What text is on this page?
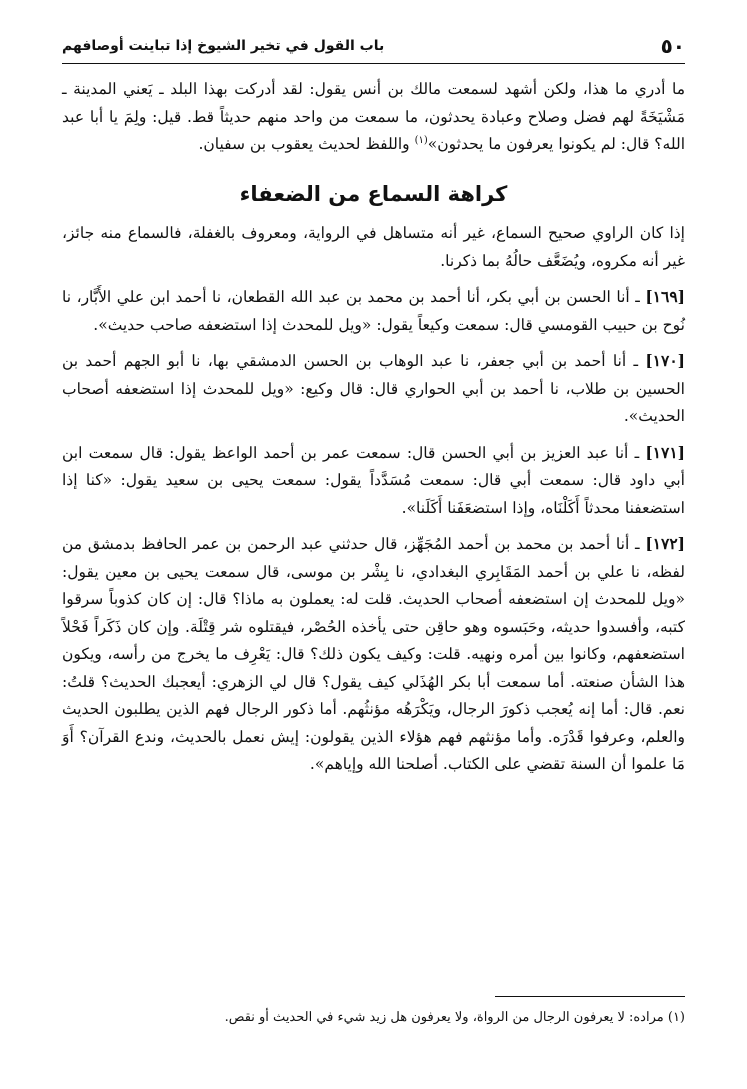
٥٠
باب القول في تخير الشيوخ إذا تباينت أوصافهم

ما أدري ما هذا، ولكن أشهد لسمعت مالك بن أنس يقول: لقد أدركت بهذا البلد ـ يَعني المدينة ـ مَشْيَخَةً لهم فضل وصلاح وعبادة يحدثون، ما سمعت من واحد منهم حديثاً قط. قيل: ولِمَ يا أبا عبد الله؟ قال: لم يكونوا يعرفون ما يحدثون»$^{(١)}$ واللفظ لحديث يعقوب بن سفيان.

كراهة السماع من الضعفاء

إذا كان الراوي صحيح السماع، غير أنه متساهل في الرواية، ومعروف بالغفلة، فالسماع منه جائز، غير أنه مكروه، ويُضَعَّف حالُهُ بما ذكرنا.

[١٦٩] ـ أنا الحسن بن أبي بكر، أنا أحمد بن محمد بن عبد الله القطعان، نا أحمد ابن علي الأَبَّار، نا نُوح بن حبيب القومسي قال: سمعت وكيعاً يقول: «ويل للمحدث إذا استضعفه صاحب حديث».

[١٧٠] ـ أنا أحمد بن أبي جعفر، نا عبد الوهاب بن الحسن الدمشقي بها، نا أبو الجهم أحمد بن الحسين بن طلاب، نا أحمد بن أبي الحواري قال: قال وكيع: «ويل للمحدث إذا استضعفه أصحاب الحديث».

[١٧١] ـ أنا عبد العزيز بن أبي الحسن قال: سمعت عمر بن أحمد الواعظ يقول: قال سمعت ابن أبي داود قال: سمعت أبي قال: سمعت مُسَدَّداً يقول: سمعت يحيى بن سعيد يقول: «كنا إذا استضعفنا محدثاً أَكَلْنَاه، وإذا استضعَفَنا أَكَلَنا».

[١٧٢] ـ أنا أحمد بن محمد بن أحمد المُجَهِّز، قال حدثني عبد الرحمن بن عمر الحافظ بدمشق من لفظه، نا علي بن أحمد المَقَابِري البغدادي، نا بِشْر بن موسى، قال سمعت يحيى بن معين يقول: «ويل للمحدث إن استضعفه أصحاب الحديث. قلت له: يعملون به ماذا؟ قال: إن كان كذوباً سرقوا كتبه، وأفسدوا حديثه، وحَبَسوه وهو حاقِن حتى يأخذه الحُصْر، فيقتلوه شر قِتْلَة. وإن كان ذَكَراً فَحْلاً استضعفهم، وكانوا بين أمره ونهيه. قلت: وكيف يكون ذلك؟ قال: يَعْرِف ما يخرج من رأسه، ويكون هذا الشأن صنعته. أما سمعت أبا بكر الهُذَلي كيف يقول؟ قال لي الزهري: أيعجبك الحديث؟ قلتُ: نعم. قال: أما إنه يُعجب ذكورَ الرجال، ويَكْرَهُه مؤنثُهم. أما ذكور الرجال فهم الذين يطلبون الحديث والعلم، وعرفوا قَدْرَه. وأما مؤنثهم فهم هؤلاء الذين يقولون: إيش نعمل بالحديث، وندع القرآن؟ أَوَ مَا علموا أن السنة تقضي على الكتاب. أصلحنا الله وإياهم».

(١) مراده: لا يعرفون الرجال من الرواة، ولا يعرفون هل زيد شيء في الحديث أو نقص.
